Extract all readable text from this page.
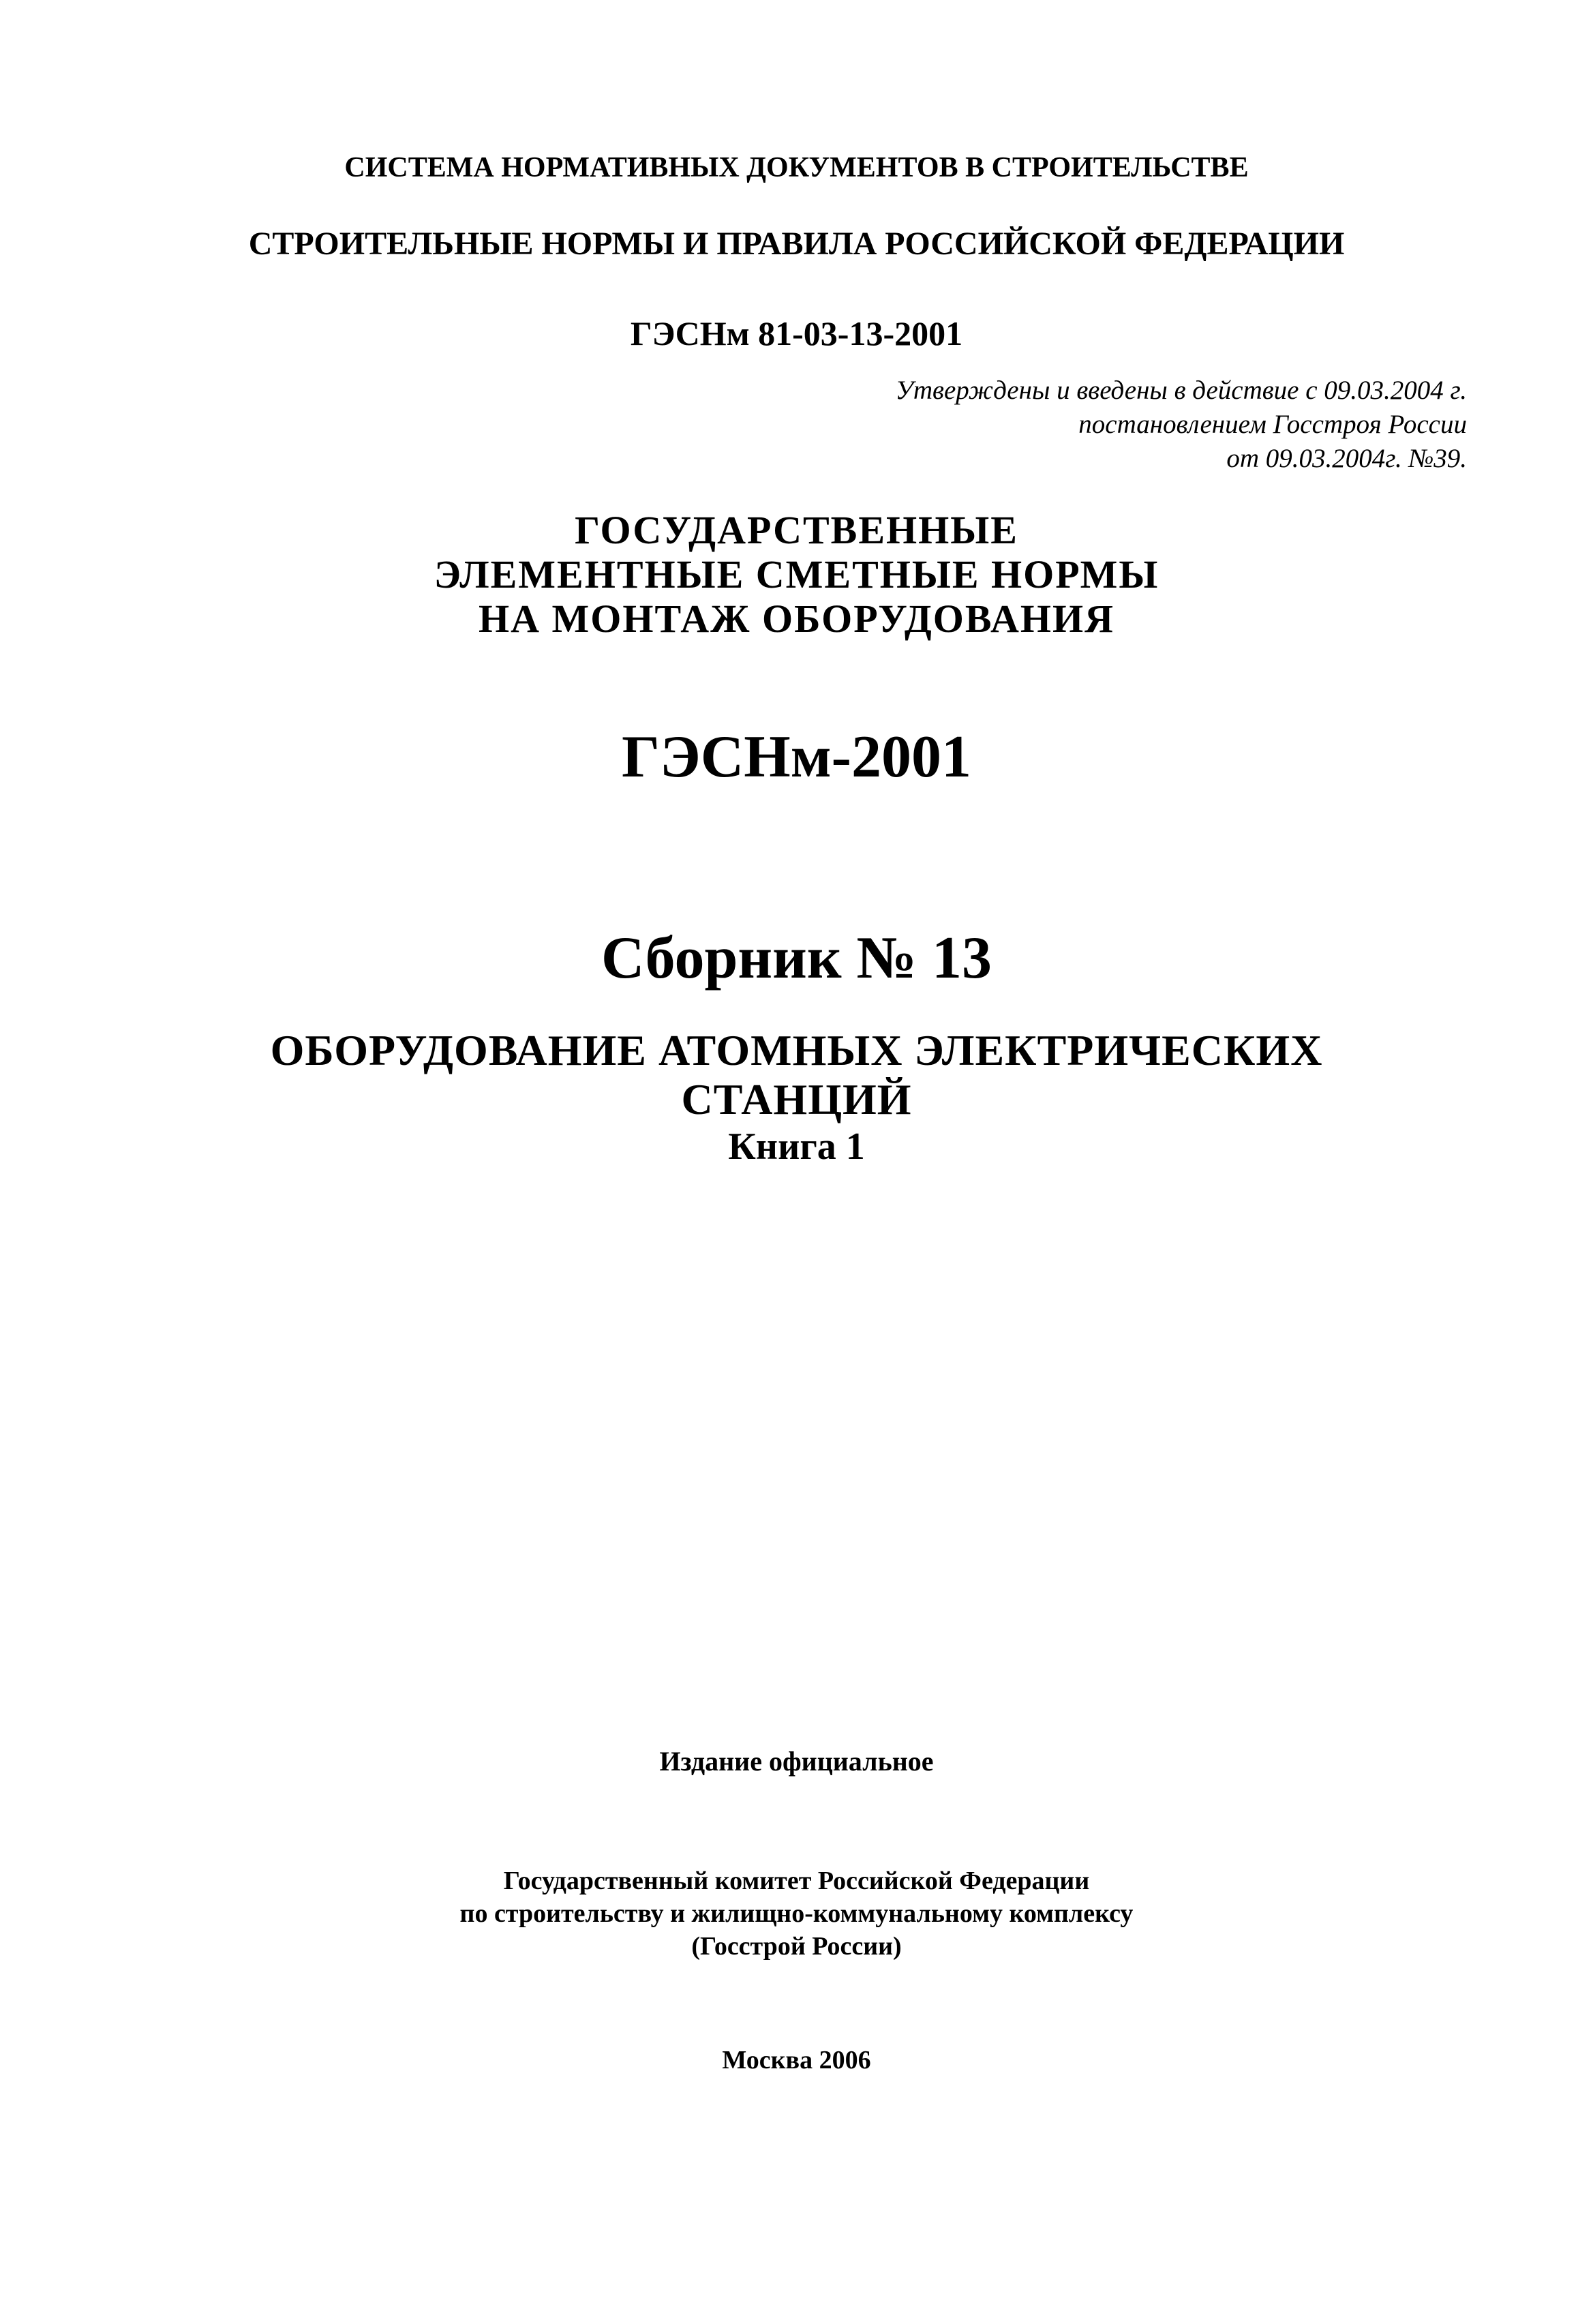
СИСТЕМА НОРМАТИВНЫХ ДОКУМЕНТОВ В СТРОИТЕЛЬСТВЕ
СТРОИТЕЛЬНЫЕ НОРМЫ И ПРАВИЛА РОССИЙСКОЙ ФЕДЕРАЦИИ
ГЭСНм 81-03-13-2001
Утверждены и введены в действие с 09.03.2004 г.
постановлением Госстроя России
от 09.03.2004г. №39.
ГОСУДАРСТВЕННЫЕ
ЭЛЕМЕНТНЫЕ СМЕТНЫЕ НОРМЫ
НА МОНТАЖ ОБОРУДОВАНИЯ
ГЭСНм-2001
Сборник № 13
ОБОРУДОВАНИЕ АТОМНЫХ ЭЛЕКТРИЧЕСКИХ
СТАНЦИЙ
Книга 1
Издание официальное
Государственный комитет Российской Федерации
по строительству и жилищно-коммунальному комплексу
(Госстрой России)
Москва 2006
